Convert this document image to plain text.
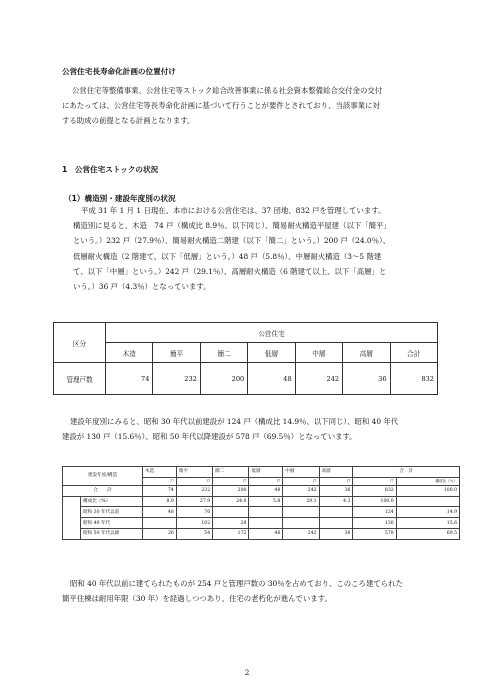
公営住宅長寿命化計画の位置付け
公営住宅等整備事業、公営住宅等ストック総合改善事業に係る社会資本整備総合交付金の交付
にあたっては、公営住宅等長寿命化計画に基づいて行うことが要件とされており、当該事業に対
する助成の前提となる計画となります。
1　公営住宅ストックの状況
（1）構造別・建設年度別の状況
平成 31 年 1 月 1 日現在、本市における公営住宅は、37 団地、832 戸を管理しています。
構造別に見ると、木造　74 戸（構成比 8.9％、以下同じ）、簡易耐火構造平屋建（以下「簡平」
という。）232 戸（27.9％）、簡易耐火構造二階建（以下「簡二」という。）200 戸（24.0％）、
低層耐火構造（2 階建て、以下「低層」という。）48 戸（5.8％）、中層耐火構造（3～5 階建
て、以下「中層」という。）242 戸（29.1％）、高層耐火構造（6 階建て以上、以下「高層」と
いう。）36 戸（4.3％）となっています。
区分	公営住宅						
	木造	簡平	簡二	低層	中層	高層	合計
管理戸数	74	232	200	48	242	36	832
建設年度別にみると、昭和 30 年代以前建設が 124 戸（構成比 14.9％、以下同じ）、昭和 40 年代
建設が 130 戸（15.6％）、昭和 50 年代以降建設が 578 戸（69.5％）となっています。
建設年度/構造		木造	簡平	簡二	低層	中層	高層	合　計	
		戸	戸	戸	戸	戸	戸	戸	構成比（％）
合　　計		74	232	200	48	242	36	832	100.0
	構成比（%）	8.9	27.9	24.0	5.8	29.1	4.3	100.0	
	昭和 30 年代以前	48	76					124	14.9
	昭和 40 年代		102	28				130	15.6
	昭和 50 年代以降	26	54	172	48	242	36	578	69.5
昭和 40 年代以前に建てられたものが 254 戸と管理戸数の 30％を占めており、このころ建てられた
簡平住棟は耐用年限（30 年）を経過しつつあり、住宅の老朽化が進んでいます。
2
